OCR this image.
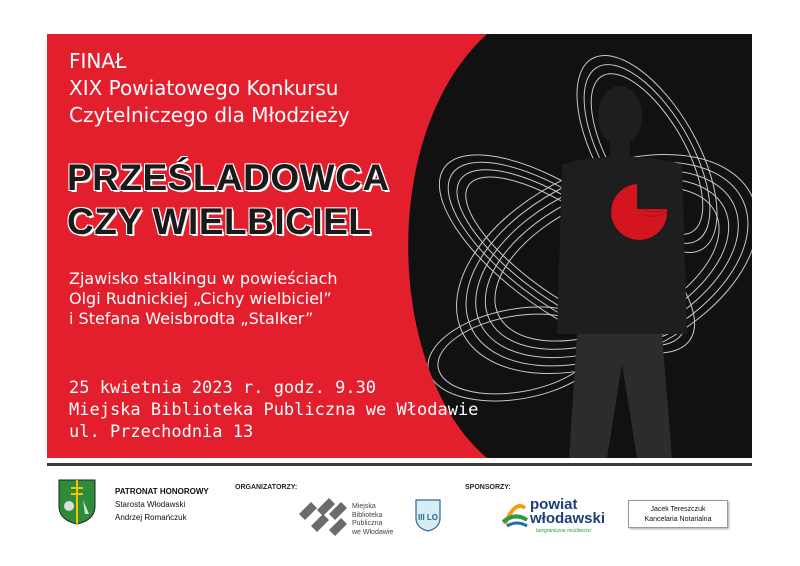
FINAŁ
XIX Powiatowego Konkursu
Czytelniczego dla Młodzieży
PRZEŚLADOWCA
CZY WIELBICIEL
Zjawisko stalkingu w powieściach
Olgi Rudnickiej „Cichy wielbiciel”
i Stefana Weisbrodta „Stalker”
25 kwietnia 2023 r. godz. 9.30
Miejska Biblioteka Publiczna we Włodawie
ul. Przechodnia 13
PATRONAT HONOROWY
Starosta Włodawski
Andrzej Romańczuk
ORGANIZATORZY:
Miejska
Biblioteka
Publiczna
we Włodawie
III LO
SPONSORZY:
powiat
włodawski
bezgraniczne możliwości
Jacek Tereszczuk
Kancelaria Notarialna
